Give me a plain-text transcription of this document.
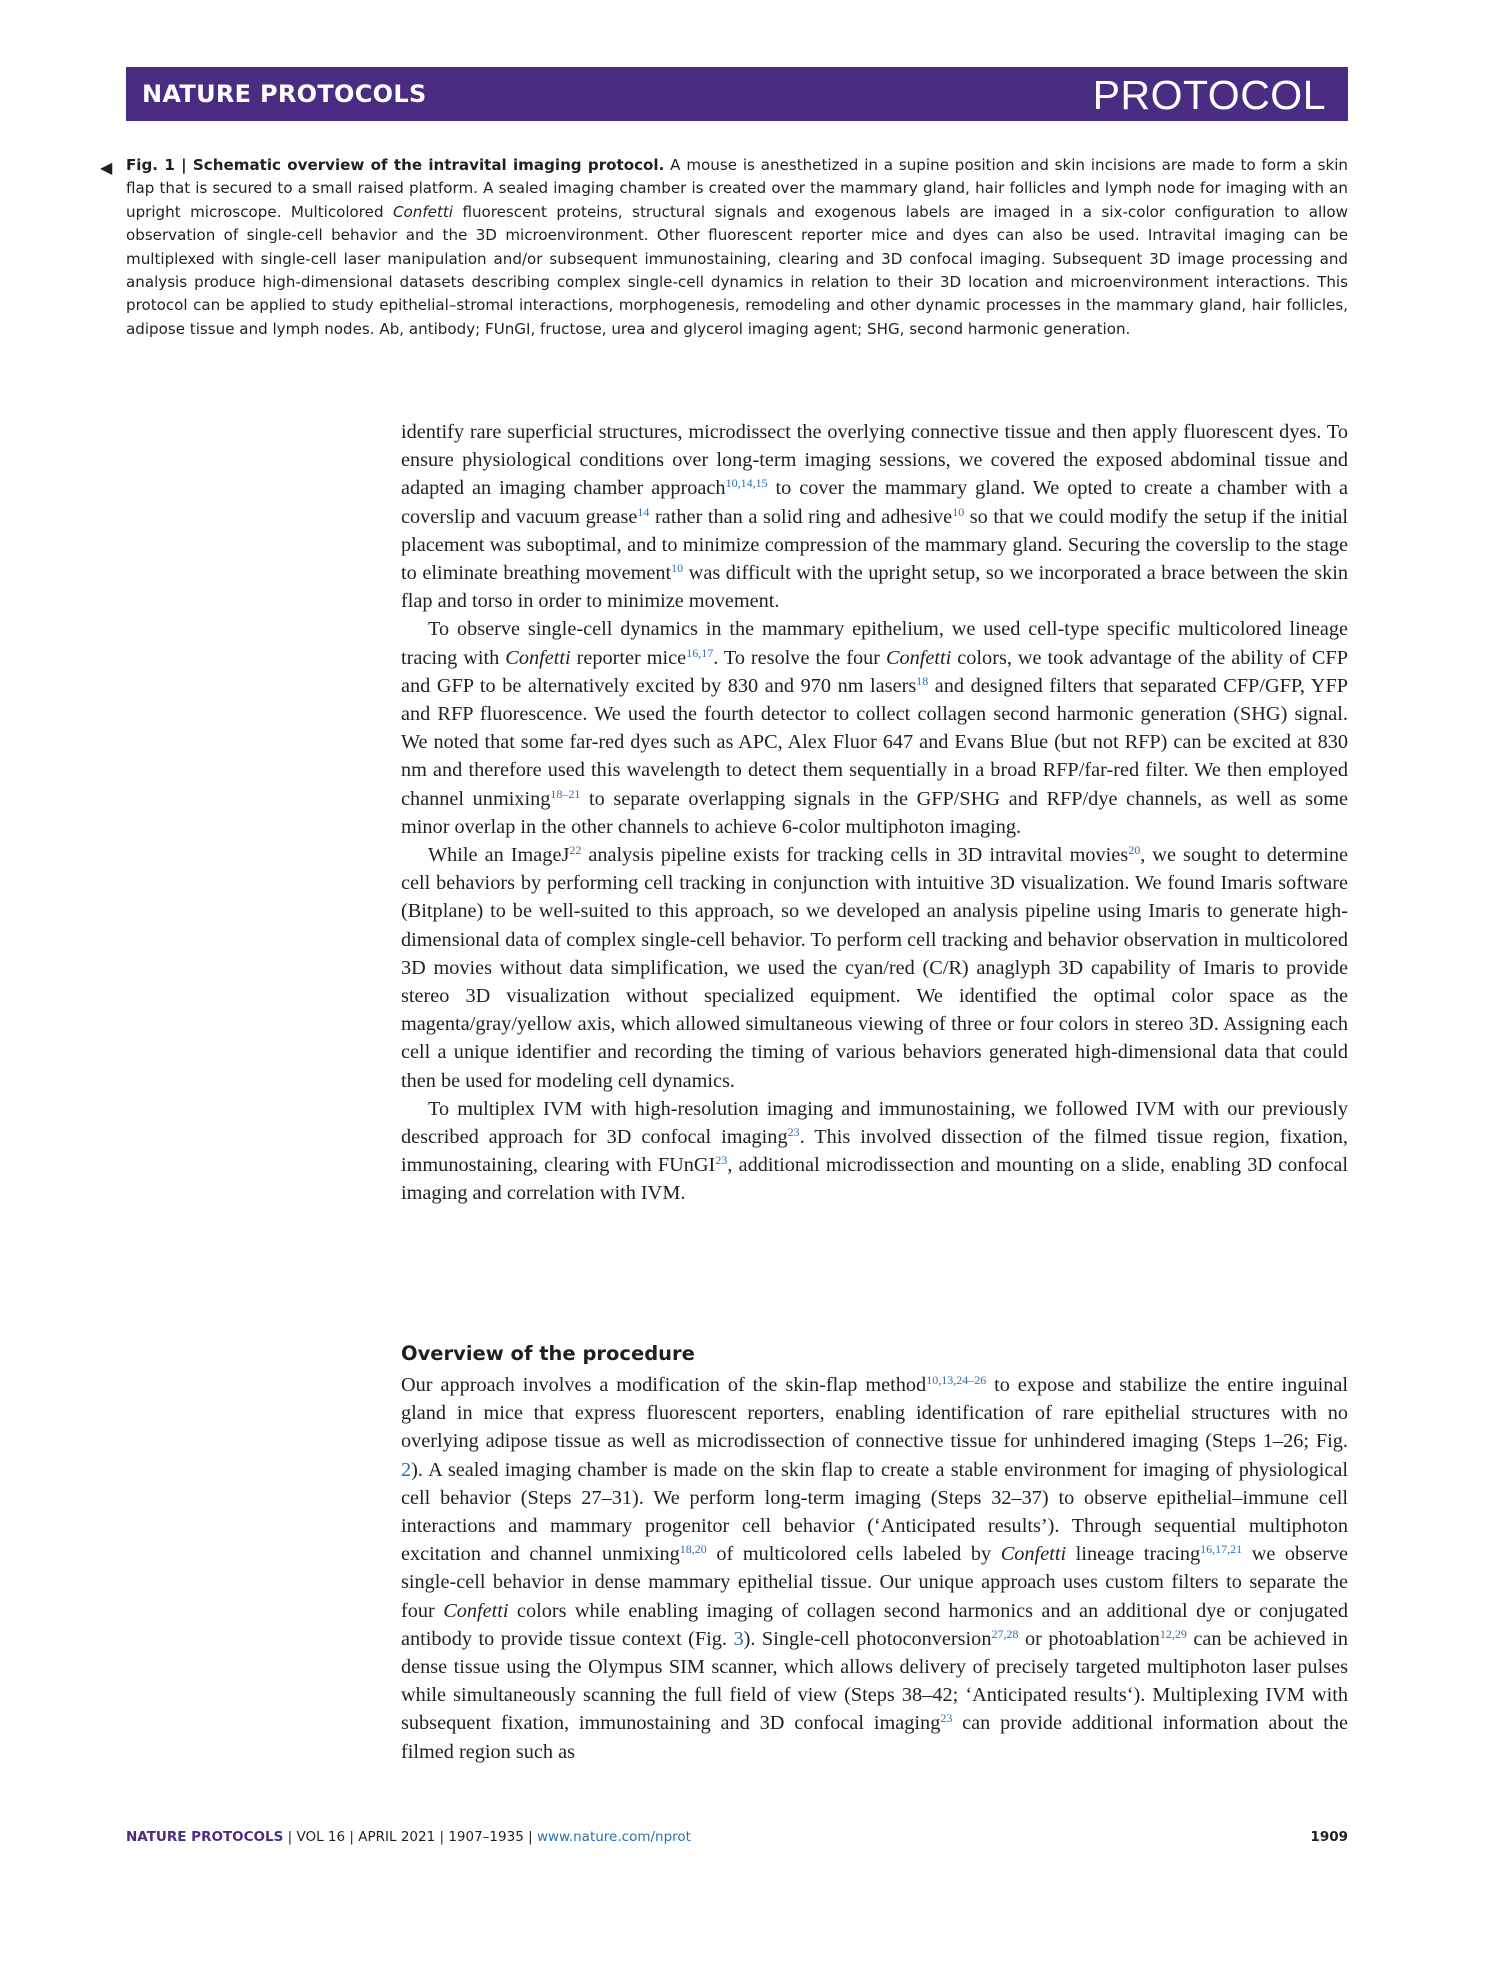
NATURE PROTOCOLS	PROTOCOL
◀ Fig. 1 | Schematic overview of the intravital imaging protocol. A mouse is anesthetized in a supine position and skin incisions are made to form a skin flap that is secured to a small raised platform. A sealed imaging chamber is created over the mammary gland, hair follicles and lymph node for imaging with an upright microscope. Multicolored Confetti fluorescent proteins, structural signals and exogenous labels are imaged in a six-color configuration to allow observation of single-cell behavior and the 3D microenvironment. Other fluorescent reporter mice and dyes can also be used. Intravital imaging can be multiplexed with single-cell laser manipulation and/or subsequent immunostaining, clearing and 3D confocal imaging. Subsequent 3D image processing and analysis produce high-dimensional datasets describing complex single-cell dynamics in relation to their 3D location and microenvironment interactions. This protocol can be applied to study epithelial–stromal interactions, morphogenesis, remodeling and other dynamic processes in the mammary gland, hair follicles, adipose tissue and lymph nodes. Ab, antibody; FUnGI, fructose, urea and glycerol imaging agent; SHG, second harmonic generation.

identify rare superficial structures, microdissect the overlying connective tissue and then apply fluorescent dyes. To ensure physiological conditions over long-term imaging sessions, we covered the exposed abdominal tissue and adapted an imaging chamber approach$^{10,14,15}$ to cover the mammary gland. We opted to create a chamber with a coverslip and vacuum grease$^{14}$ rather than a solid ring and adhesive$^{10}$ so that we could modify the setup if the initial placement was suboptimal, and to minimize compression of the mammary gland. Securing the coverslip to the stage to eliminate breathing movement$^{10}$ was difficult with the upright setup, so we incorporated a brace between the skin flap and torso in order to minimize movement.

To observe single-cell dynamics in the mammary epithelium, we used cell-type specific multicolored lineage tracing with Confetti reporter mice$^{16,17}$. To resolve the four Confetti colors, we took advantage of the ability of CFP and GFP to be alternatively excited by 830 and 970 nm lasers$^{18}$ and designed filters that separated CFP/GFP, YFP and RFP fluorescence. We used the fourth detector to collect collagen second harmonic generation (SHG) signal. We noted that some far-red dyes such as APC, Alex Fluor 647 and Evans Blue (but not RFP) can be excited at 830 nm and therefore used this wavelength to detect them sequentially in a broad RFP/far-red filter. We then employed channel unmixing$^{18-21}$ to separate overlapping signals in the GFP/SHG and RFP/dye channels, as well as some minor overlap in the other channels to achieve 6-color multiphoton imaging.

While an ImageJ$^{22}$ analysis pipeline exists for tracking cells in 3D intravital movies$^{20}$, we sought to determine cell behaviors by performing cell tracking in conjunction with intuitive 3D visualization. We found Imaris software (Bitplane) to be well-suited to this approach, so we developed an analysis pipeline using Imaris to generate high-dimensional data of complex single-cell behavior. To perform cell tracking and behavior observation in multicolored 3D movies without data simplification, we used the cyan/red (C/R) anaglyph 3D capability of Imaris to provide stereo 3D visualization without specialized equipment. We identified the optimal color space as the magenta/gray/yellow axis, which allowed simultaneous viewing of three or four colors in stereo 3D. Assigning each cell a unique identifier and recording the timing of various behaviors generated high-dimensional data that could then be used for modeling cell dynamics.

To multiplex IVM with high-resolution imaging and immunostaining, we followed IVM with our previously described approach for 3D confocal imaging$^{23}$. This involved dissection of the filmed tissue region, fixation, immunostaining, clearing with FUnGI$^{23}$, additional microdissection and mounting on a slide, enabling 3D confocal imaging and correlation with IVM.

Overview of the procedure

Our approach involves a modification of the skin-flap method$^{10,13,24-26}$ to expose and stabilize the entire inguinal gland in mice that express fluorescent reporters, enabling identification of rare epithelial structures with no overlying adipose tissue as well as microdissection of connective tissue for unhindered imaging (Steps 1–26; Fig. 2). A sealed imaging chamber is made on the skin flap to create a stable environment for imaging of physiological cell behavior (Steps 27–31). We perform long-term imaging (Steps 32–37) to observe epithelial–immune cell interactions and mammary progenitor cell behavior (‘Anticipated results’). Through sequential multiphoton excitation and channel unmixing$^{18,20}$ of multicolored cells labeled by Confetti lineage tracing$^{16,17,21}$ we observe single-cell behavior in dense mammary epithelial tissue. Our unique approach uses custom filters to separate the four Confetti colors while enabling imaging of collagen second harmonics and an additional dye or conjugated antibody to provide tissue context (Fig. 3). Single-cell photoconversion$^{27,28}$ or photoablation$^{12,29}$ can be achieved in dense tissue using the Olympus SIM scanner, which allows delivery of precisely targeted multiphoton laser pulses while simultaneously scanning the full field of view (Steps 38–42; ‘Anticipated results‘). Multiplexing IVM with subsequent fixation, immunostaining and 3D confocal imaging$^{23}$ can provide additional information about the filmed region such as

NATURE PROTOCOLS | VOL 16 | APRIL 2021 | 1907–1935 | www.nature.com/nprot	1909
